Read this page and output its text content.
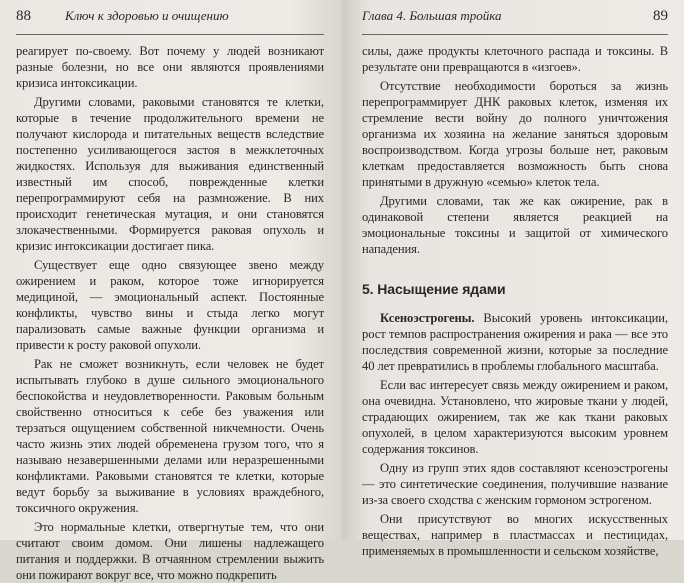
88	Ключ к здоровью и очищению

реагирует по-своему. Вот почему у людей возникают разные болезни, но все они являются проявлениями кризиса интоксикации.

Другими словами, раковыми становятся те клетки, которые в течение продолжительного времени не получают кислорода и питательных веществ вследствие постепенно усиливающегося застоя в межклеточных жидкостях. Используя для выживания единственный известный им способ, поврежденные клетки перепрограммируют себя на размножение. В них происходит генетическая мутация, и они становятся злокачественными. Формируется раковая опухоль и кризис интоксикации достигает пика.

Существует еще одно связующее звено между ожирением и раком, которое тоже игнорируется медициной, — эмоциональный аспект. Постоянные конфликты, чувство вины и стыда легко могут парализовать самые важные функции организма и привести к росту раковой опухоли.

Рак не сможет возникнуть, если человек не будет испытывать глубоко в душе сильного эмоционального беспокойства и неудовлетворенности. Раковым больным свойственно относиться к себе без уважения или терзаться ощущением собственной никчемности. Очень часто жизнь этих людей обременена грузом того, что я называю незавершенными делами или неразрешенными конфликтами. Раковыми становятся те клетки, которые ведут борьбу за выживание в условиях враждебного, токсичного окружения.

Это нормальные клетки, отвергнутые тем, что они считают своим домом. Они лишены надлежащего питания и поддержки. В отчаянном стремлении выжить они пожирают вокруг все, что можно подкрепить

Глава 4. Большая тройка	89

силы, даже продукты клеточного распада и токсины. В результате они превращаются в «изгоев».

Отсутствие необходимости бороться за жизнь перепрограммирует ДНК раковых клеток, изменяя их стремление вести войну до полного уничтожения организма их хозяина на желание заняться здоровым воспроизводством. Когда угрозы больше нет, раковым клеткам предоставляется возможность быть снова принятыми в дружную «семью» клеток тела.

Другими словами, так же как ожирение, рак в одинаковой степени является реакцией на эмоциональные токсины и защитой от химического нападения.

5. Насыщение ядами

Ксеноэстрогены. Высокий уровень интоксикации, рост темпов распространения ожирения и рака — все это последствия современной жизни, которые за последние 40 лет превратились в проблемы глобального масштаба.

Если вас интересует связь между ожирением и раком, она очевидна. Установлено, что жировые ткани у людей, страдающих ожирением, так же как ткани раковых опухолей, в целом характеризуются высоким уровнем содержания токсинов.

Одну из групп этих ядов составляют ксеноэстрогены — это синтетические соединения, получившие название из-за своего сходства с женским гормоном эстрогеном.

Они присутствуют во многих искусственных веществах, например в пластмассах и пестицидах, применяемых в промышленности и сельском хозяйстве,
